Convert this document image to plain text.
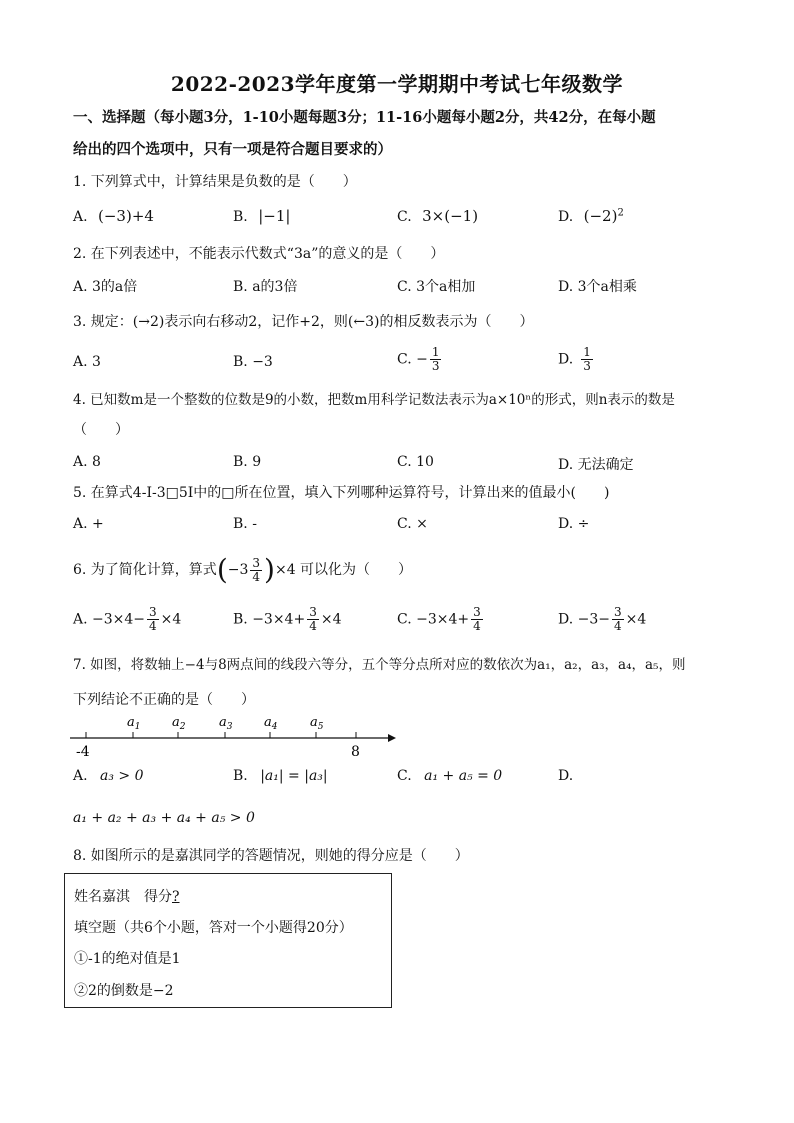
2022-2023学年度第一学期期中考试七年级数学
一、选择题（每小题3分，1-10小题每题3分；11-16小题每小题2分，共42分，在每小题
给出的四个选项中，只有一项是符合题目要求的）
1. 下列算式中，计算结果是负数的是（　　）
A. (−3)+4	B. |−1|	C. 3×(−1)	D. $(-2)^2$
2. 在下列表述中，不能表示代数式“3a”的意义的是（　　）
A. 3的a倍	B. a的3倍	C. 3个a相加	D. 3个a相乘
3. 规定：(→2)表示向右移动2，记作+2，则(←3)的相反数表示为（　　）
A. 3	B. −3	C. − $\frac{1}{3}$	D. $\frac{1}{3}$
4. 已知数m是一个整数的位数是9的小数，把数m用科学记数法表示为a×10ⁿ的形式，则n表示的数是
（　　）
A. 8	B. 9	C. 10	D. 无法确定
5. 在算式4-I-3□5I中的□所在位置，填入下列哪种运算符号，计算出来的值最小(　　)
A. +	B. -	C. ×	D. ÷
6. 为了简化计算，算式$(-3 \frac{3}{4} )\times 4$ 可以化为（　　）
A. $-3\times 4- \frac{3}{4} \times 4$	B. $-3\times 4+ \frac{3}{4} \times 4$	C. $-3\times 4+ \frac{3}{4}$	D. $-3- \frac{3}{4} \times 4$
7. 如图，将数轴上−4与8两点间的线段六等分，五个等分点所对应的数依次为a₁，a₂，a₃，a₄，a₅，则
下列结论不正确的是（　　）
$a_1$ $a_2$	$a_3$ $a_4$	$a_5$
-4	8
A. a₃ > 0	B. |a₁| = |a₃|	C. a₁ + a₅ = 0	D.
a₁ + a₂ + a₃ + a₄ + a₅ > 0
8. 如图所示的是嘉淇同学的答题情况，则她的得分应是（　　）
姓名嘉淇　得分?
填空题（共6个小题，答对一个小题得20分）
①-1的绝对值是1
②2的倒数是−2
